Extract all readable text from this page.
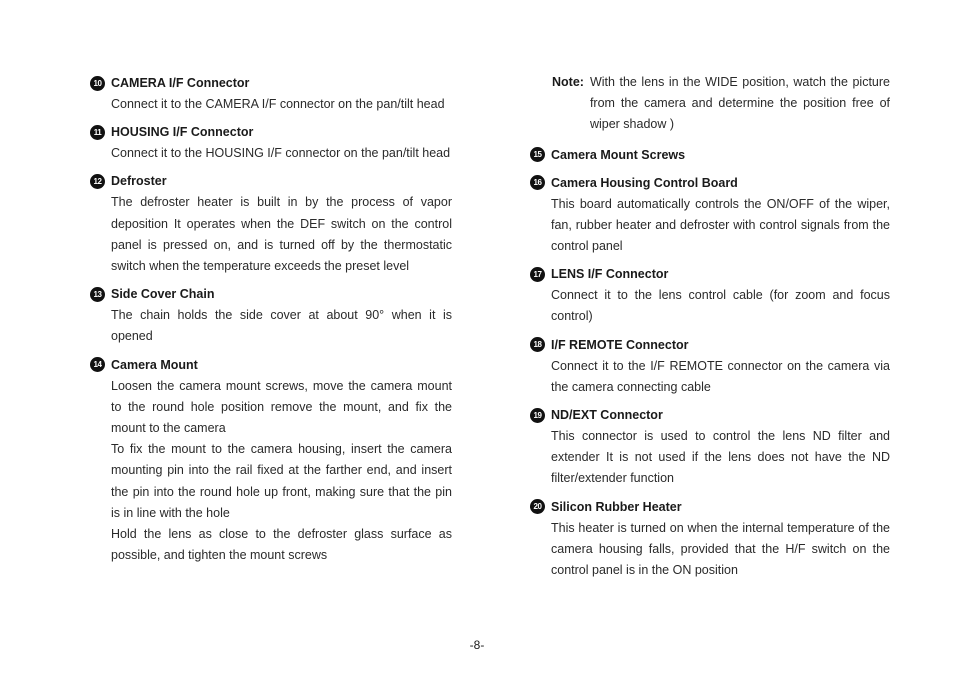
10 CAMERA I/F Connector

Connect it to the CAMERA I/F connector on the pan/tilt head

11 HOUSING I/F Connector

Connect it to the HOUSING I/F connector on the pan/tilt head

12 Defroster

The defroster heater is built in by the process of vapor deposition It operates when the DEF switch on the control panel is pressed on, and is turned off by the thermostatic switch when the temperature exceeds the preset level

13 Side Cover Chain

The chain holds the side cover at about 90° when it is opened

14 Camera Mount

Loosen the camera mount screws, move the camera mount to the round hole position remove the mount, and fix the mount to the camera

To fix the mount to the camera housing, insert the camera mounting pin into the rail fixed at the farther end, and insert the pin into the round hole up front, making sure that the pin is in line with the hole

Hold the lens as close to the defroster glass surface as possible, and tighten the mount screws

Note: With the lens in the WIDE position, watch the picture from the camera and determine the position free of wiper shadow )
15 Camera Mount Screws
16 Camera Housing Control Board

This board automatically controls the ON/OFF of the wiper, fan, rubber heater and defroster with control signals from the control panel

17 LENS I/F Connector

Connect it to the lens control cable (for zoom and focus control)

18 I/F REMOTE Connector

Connect it to the I/F REMOTE connector on the camera via the camera connecting cable

19 ND/EXT Connector

This connector is used to control the lens ND filter and extender It is not used if the lens does not have the ND filter/extender function

20 Silicon Rubber Heater

This heater is turned on when the internal temperature of the camera housing falls, provided that the H/F switch on the control panel is in the ON position

-8-
